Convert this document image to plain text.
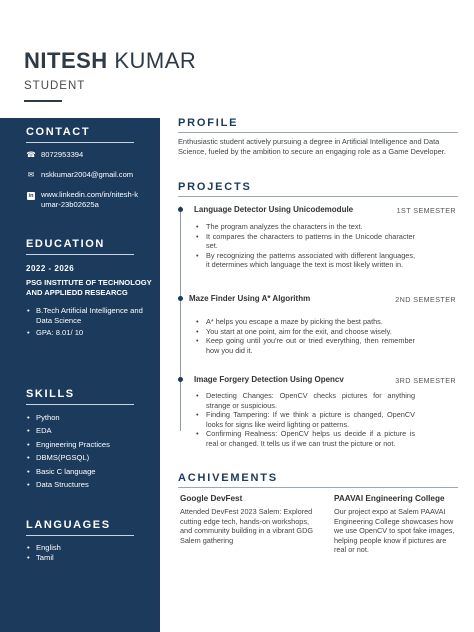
NITESH KUMAR
STUDENT
CONTACT
☎ 8072953394
✉ nskkumar2004@gmail.com
in www.linkedin.com/in/nitesh-kumar-23b02625a
EDUCATION
2022 - 2026
PSG INSTITUTE OF TECHNOLOGY AND APPLIEDD RESEARCG
• B.Tech Artificial Intelligence and Data Science
• GPA: 8.01/ 10
SKILLS
• Python
• EDA
• Engineering Practices
• DBMS(PGSQL)
• Basic C language
• Data Structures
LANGUAGES
• English
• Tamil
PROFILE
Enthusiastic student actively pursuing a degree in Artificial Intelligence and Data Science, fueled by the ambition to secure an engaging role as a Game Developer.
PROJECTS
Language Detector Using Unicodemodule	1ST SEMESTER
• The program analyzes the characters in the text.
• It compares the characters to patterns in the Unicode character set.
• By recognizing the patterns associated with different languages, it determines which language the text is most likely written in.
Maze Finder Using A* Algorithm	2ND SEMESTER
• A* helps you escape a maze by picking the best paths.
• You start at one point, aim for the exit, and choose wisely.
• Keep going until you're out or tried everything, then remember how you did it.
Image Forgery Detection Using Opencv	3RD SEMESTER
• Detecting Changes: OpenCV checks pictures for anything strange or suspicious.
• Finding Tampering: If we think a picture is changed, OpenCV looks for signs like weird lighting or patterns.
• Confirming Realness: OpenCV helps us decide if a picture is real or changed. It tells us if we can trust the picture or not.
ACHIVEMENTS
Google DevFest
Attended DevFest 2023 Salem: Explored cutting edge tech, hands-on workshops, and community building in a vibrant GDG Salem gathering
PAAVAI Engineering College
Our project expo at Salem PAAVAI Engineering College showcases how we use OpenCV to spot fake images, helping people know if pictures are real or not.
